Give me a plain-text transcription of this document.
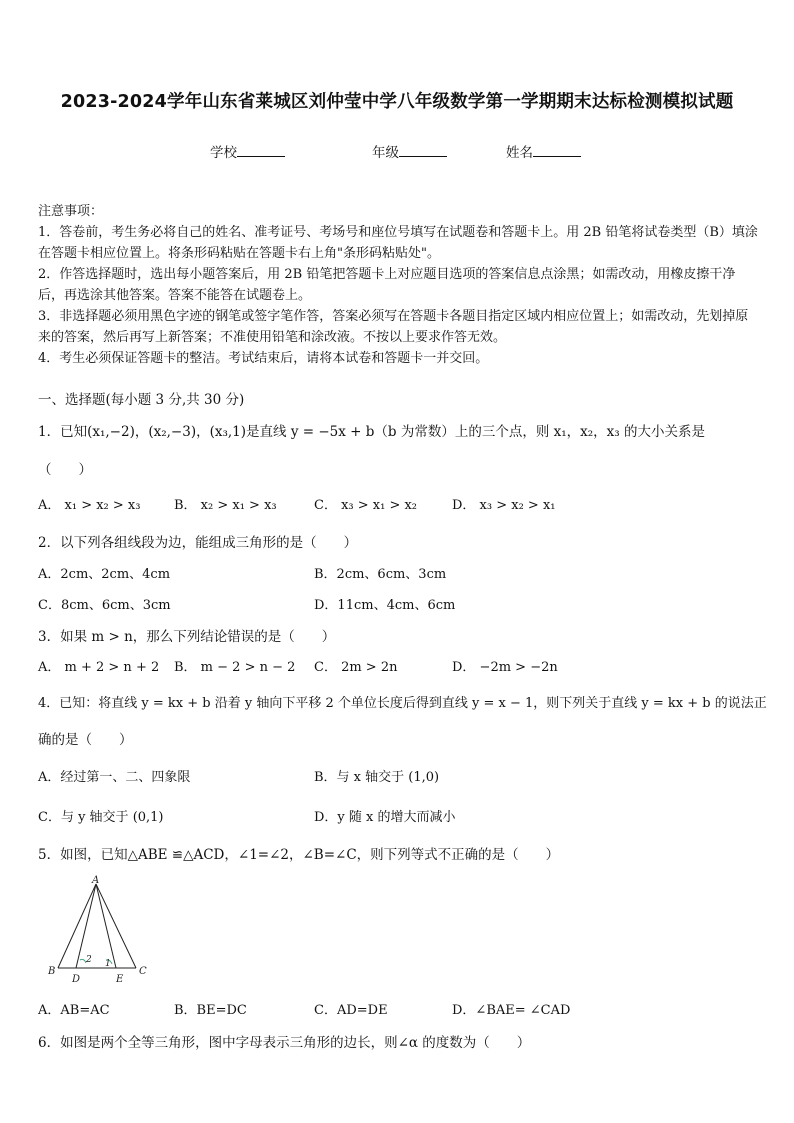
2023-2024学年山东省莱城区刘仲莹中学八年级数学第一学期期末达标检测模拟试题
学校	年级	姓名

注意事项：

1．答卷前，考生务必将自己的姓名、准考证号、考场号和座位号填写在试题卷和答题卡上。用 2B 铅笔将试卷类型（B）填涂在答题卡相应位置上。将条形码粘贴在答题卡右上角"条形码粘贴处"。

2．作答选择题时，选出每小题答案后，用 2B 铅笔把答题卡上对应题目选项的答案信息点涂黑；如需改动，用橡皮擦干净后，再选涂其他答案。答案不能答在试题卷上。

3．非选择题必须用黑色字迹的钢笔或签字笔作答，答案必须写在答题卡各题目指定区域内相应位置上；如需改动，先划掉原来的答案，然后再写上新答案；不准使用铅笔和涂改液。不按以上要求作答无效。

4．考生必须保证答题卡的整洁。考试结束后，请将本试卷和答题卡一并交回。

一、选择题(每小题 3 分,共 30 分)
1．已知(x₁,−2)，(x₂,−3)，(x₃,1)是直线 y = −5x + b（b 为常数）上的三个点，则 x₁，x₂，x₃ 的大小关系是
（　　）
A． x₁ > x₂ > x₃	B． x₂ > x₁ > x₃	C． x₃ > x₁ > x₂	D． x₃ > x₂ > x₁
2．以下列各组线段为边，能组成三角形的是（　　）
A．2cm、2cm、4cm	B．2cm、6cm、3cm
C．8cm、6cm、3cm	D．11cm、4cm、6cm
3．如果 m > n，那么下列结论错误的是（　　）
A． m + 2 > n + 2 B． m − 2 > n − 2 C． 2m > 2n	D． −2m > −2n
4．已知：将直线 y = kx + b 沿着 y 轴向下平移 2 个单位长度后得到直线 y = x − 1，则下列关于直线 y = kx + b 的说法正
确的是（　　）
A．经过第一、二、四象限	B．与 x 轴交于 (1,0)
C．与 y 轴交于 (0,1)	D．y 随 x 的增大而减小
5．如图，已知△ABE ≌△ACD，∠1=∠2，∠B=∠C，则下列等式不正确的是（　　）
A
B
D	E
C
2 1
A．AB=AC	B．BE=DC	C．AD=DE	D．∠BAE= ∠CAD
6．如图是两个全等三角形，图中字母表示三角形的边长，则∠α 的度数为（　　）
